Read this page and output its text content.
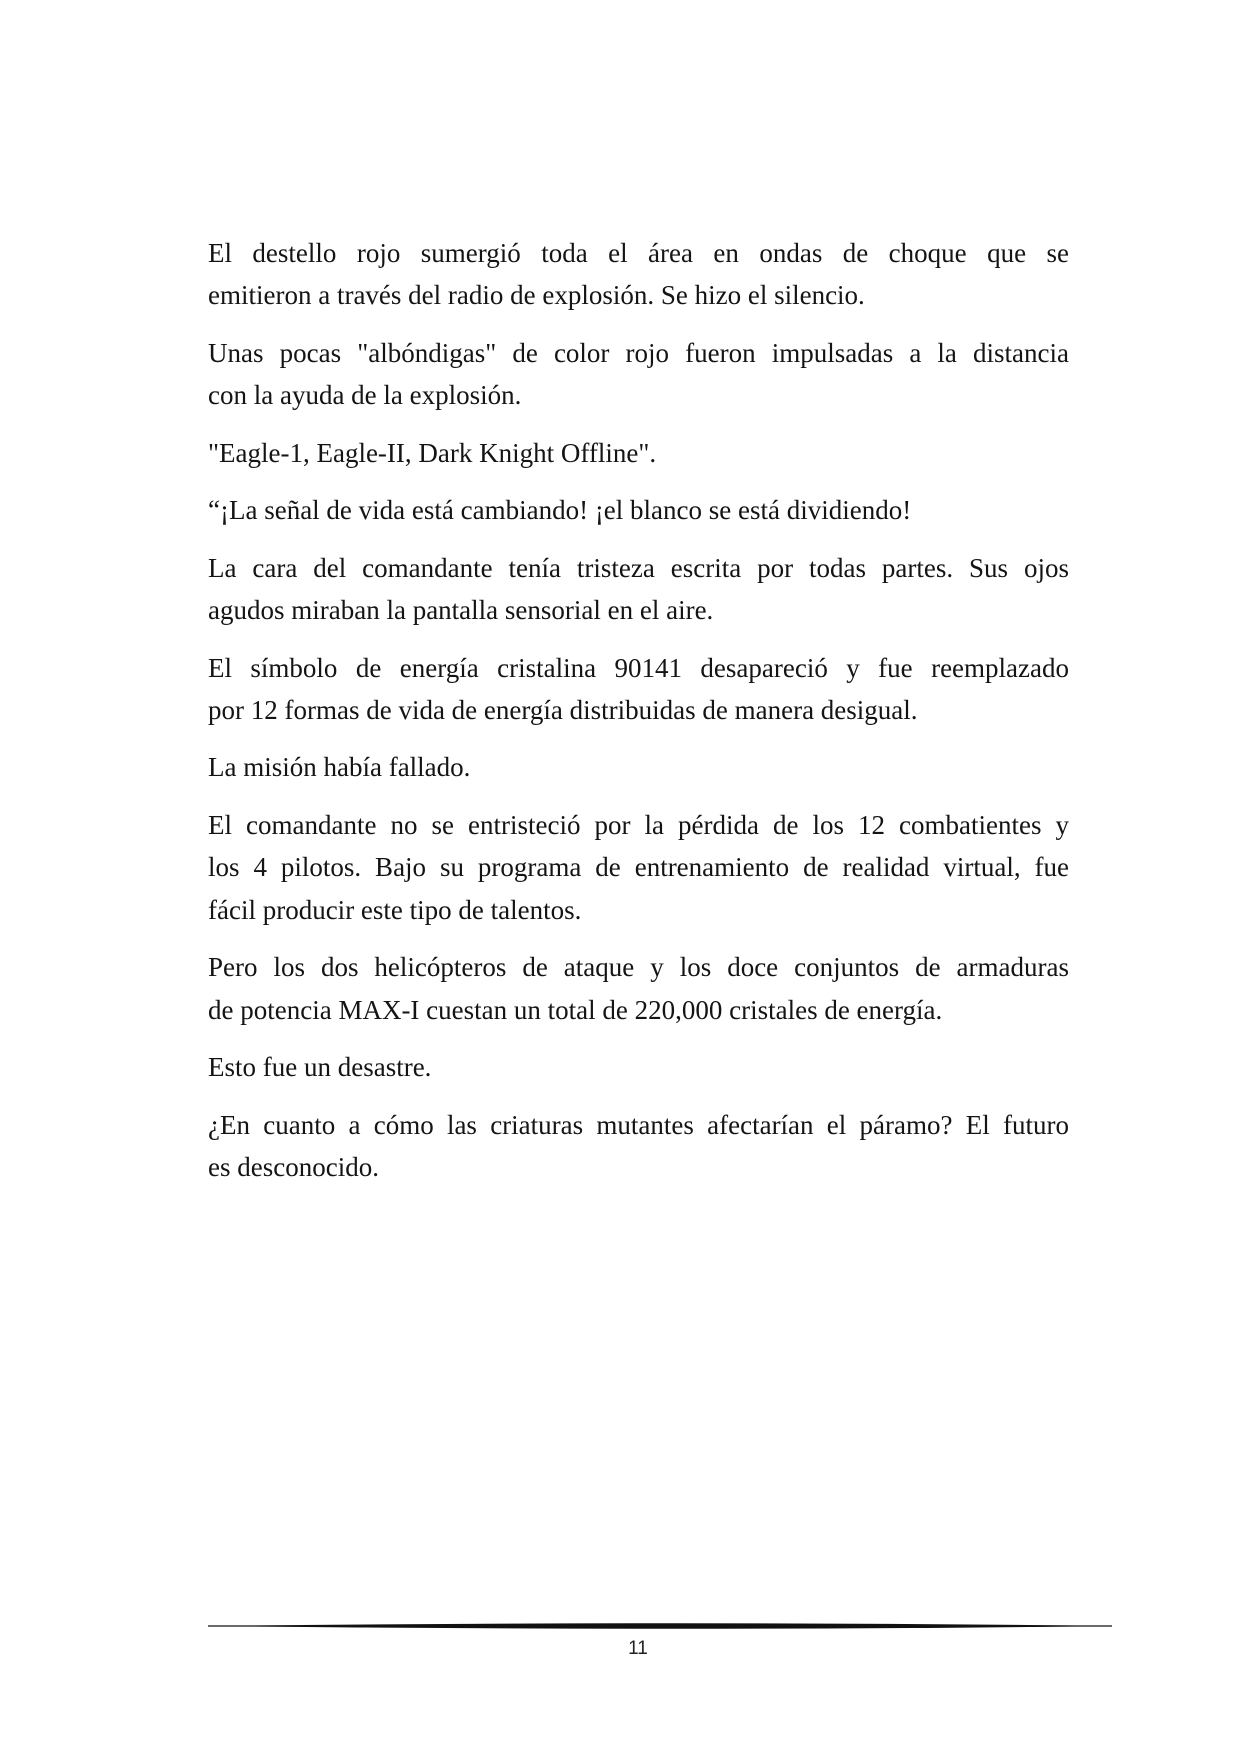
El destello rojo sumergió toda el área en ondas de choque que se
emitieron a través del radio de explosión. Se hizo el silencio.

Unas pocas "albóndigas" de color rojo fueron impulsadas a la distancia
con la ayuda de la explosión.

"Eagle-1, Eagle-II, Dark Knight Offline".

“¡La señal de vida está cambiando! ¡el blanco se está dividiendo!

La cara del comandante tenía tristeza escrita por todas partes. Sus ojos
agudos miraban la pantalla sensorial en el aire.

El símbolo de energía cristalina 90141 desapareció y fue reemplazado
por 12 formas de vida de energía distribuidas de manera desigual.

La misión había fallado.

El comandante no se entristeció por la pérdida de los 12 combatientes y
los 4 pilotos. Bajo su programa de entrenamiento de realidad virtual, fue
fácil producir este tipo de talentos.

Pero los dos helicópteros de ataque y los doce conjuntos de armaduras
de potencia MAX-I cuestan un total de 220,000 cristales de energía.

Esto fue un desastre.

¿En cuanto a cómo las criaturas mutantes afectarían el páramo? El futuro
es desconocido.

11
